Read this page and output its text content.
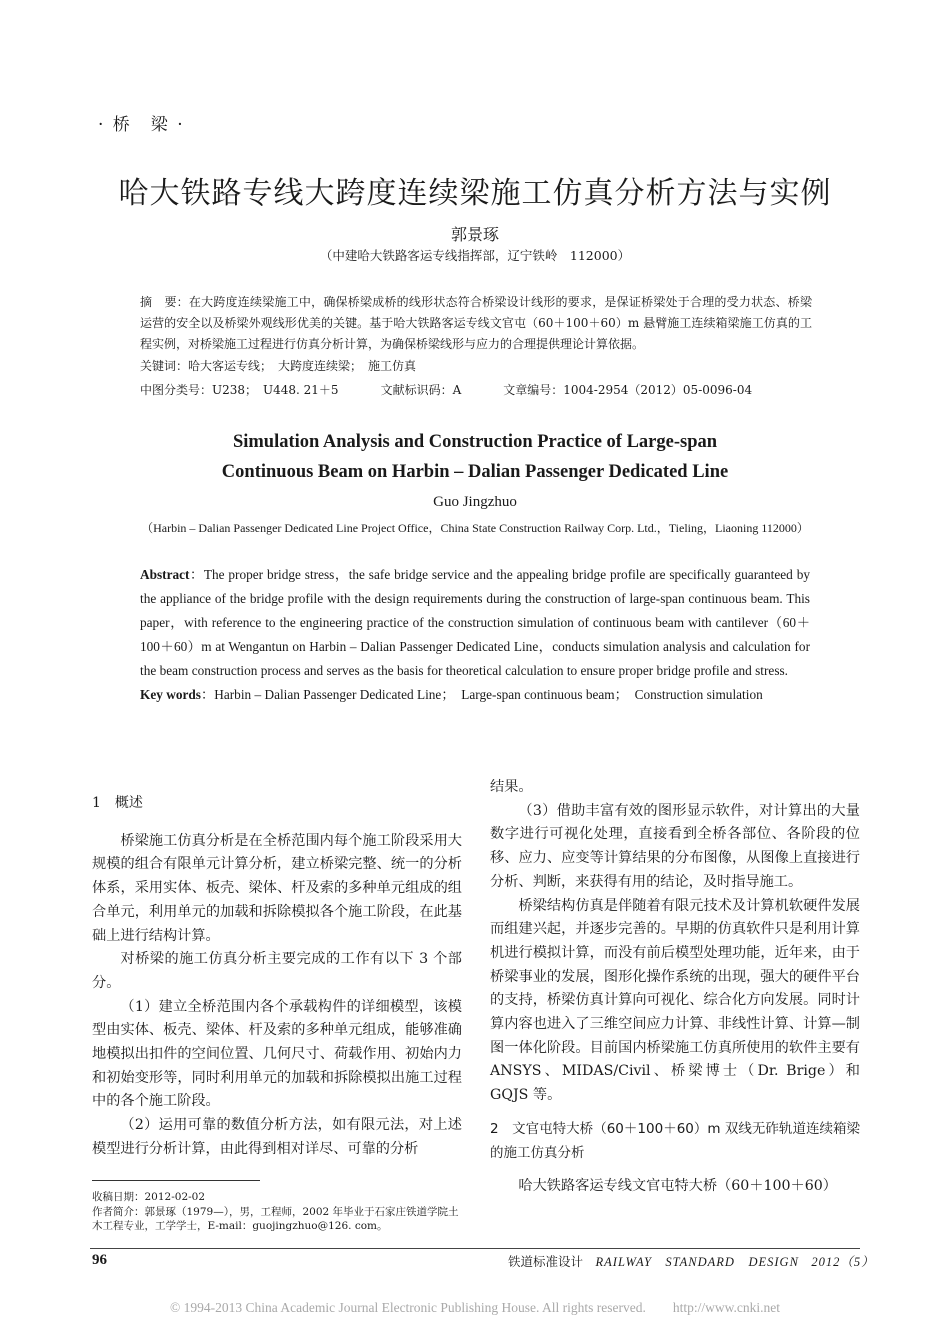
· 桥　梁 ·
哈大铁路专线大跨度连续梁施工仿真分析方法与实例
郭景琢
（中建哈大铁路客运专线指挥部，辽宁铁岭　112000）

摘　要：在大跨度连续梁施工中，确保桥梁成桥的线形状态符合桥梁设计线形的要求，是保证桥梁处于合理的受力状态、桥梁运营的安全以及桥梁外观线形优美的关键。基于哈大铁路客运专线文官屯（60＋100＋60）m 悬臂施工连续箱梁施工仿真的工程实例，对桥梁施工过程进行仿真分析计算，为确保桥梁线形与应力的合理提供理论计算依据。

关键词：哈大客运专线；　大跨度连续梁；　施工仿真
中图分类号：U238；　U448. 21＋5	文献标识码：A	文章编号：1004-2954（2012）05-0096-04
Simulation Analysis and Construction Practice of Large-span
Continuous Beam on Harbin – Dalian Passenger Dedicated Line
Guo Jingzhuo
（Harbin – Dalian Passenger Dedicated Line Project Office，China State Construction Railway Corp. Ltd.，Tieling，Liaoning 112000）
Abstract：The proper bridge stress，the safe bridge service and the appealing bridge profile are specifically guaranteed by the appliance of the bridge profile with the design requirements during the construction of large-span continuous beam. This paper，with reference to the engineering practice of the construction simulation of continuous beam with cantilever（60＋100＋60）m at Wengantun on Harbin – Dalian Passenger Dedicated Line，conducts simulation analysis and calculation for the beam construction process and serves as the basis for theoretical calculation to ensure proper bridge profile and stress.
Key words：Harbin – Dalian Passenger Dedicated Line；　Large-span continuous beam；　Construction simulation

1　概述

桥梁施工仿真分析是在全桥范围内每个施工阶段采用大规模的组合有限单元计算分析，建立桥梁完整、统一的分析体系，采用实体、板壳、梁体、杆及索的多种单元组成的组合单元，利用单元的加载和拆除模拟各个施工阶段，在此基础上进行结构计算。

对桥梁的施工仿真分析主要完成的工作有以下 3 个部分。

（1）建立全桥范围内各个承载构件的详细模型，该模型由实体、板壳、梁体、杆及索的多种单元组成，能够准确地模拟出扣件的空间位置、几何尺寸、荷载作用、初始内力和初始变形等，同时利用单元的加载和拆除模拟出施工过程中的各个施工阶段。

（2）运用可靠的数值分析方法，如有限元法，对上述模型进行分析计算，由此得到相对详尽、可靠的分析

结果。

（3）借助丰富有效的图形显示软件，对计算出的大量数字进行可视化处理，直接看到全桥各部位、各阶段的位移、应力、应变等计算结果的分布图像，从图像上直接进行分析、判断，来获得有用的结论，及时指导施工。

桥梁结构仿真是伴随着有限元技术及计算机软硬件发展而组建兴起，并逐步完善的。早期的仿真软件只是利用计算机进行模拟计算，而没有前后模型处理功能，近年来，由于桥梁事业的发展，图形化操作系统的出现，强大的硬件平台的支持，桥梁仿真计算向可视化、综合化方向发展。同时计算内容也进入了三维空间应力计算、非线性计算、计算—制图一体化阶段。目前国内桥梁施工仿真所使用的软件主要有 ANSYS、MIDAS/Civil、桥梁博士（Dr. Brige）和 GQJS 等。

2　文官屯特大桥（60＋100＋60）m 双线无砟轨道连续箱梁的施工仿真分析

哈大铁路客运专线文官屯特大桥（60＋100＋60）

收稿日期：2012-02-02
作者简介：郭景琢（1979—），男，工程师，2002 年毕业于石家庄铁道学院土木工程专业，工学学士，E-mail：guojingzhuo@126. com。
96	铁道标准设计　 RAILWAY　STANDARD　DESIGN　 2012（5）
© 1994-2013 China Academic Journal Electronic Publishing House. All rights reserved.　　http://www.cnki.net
